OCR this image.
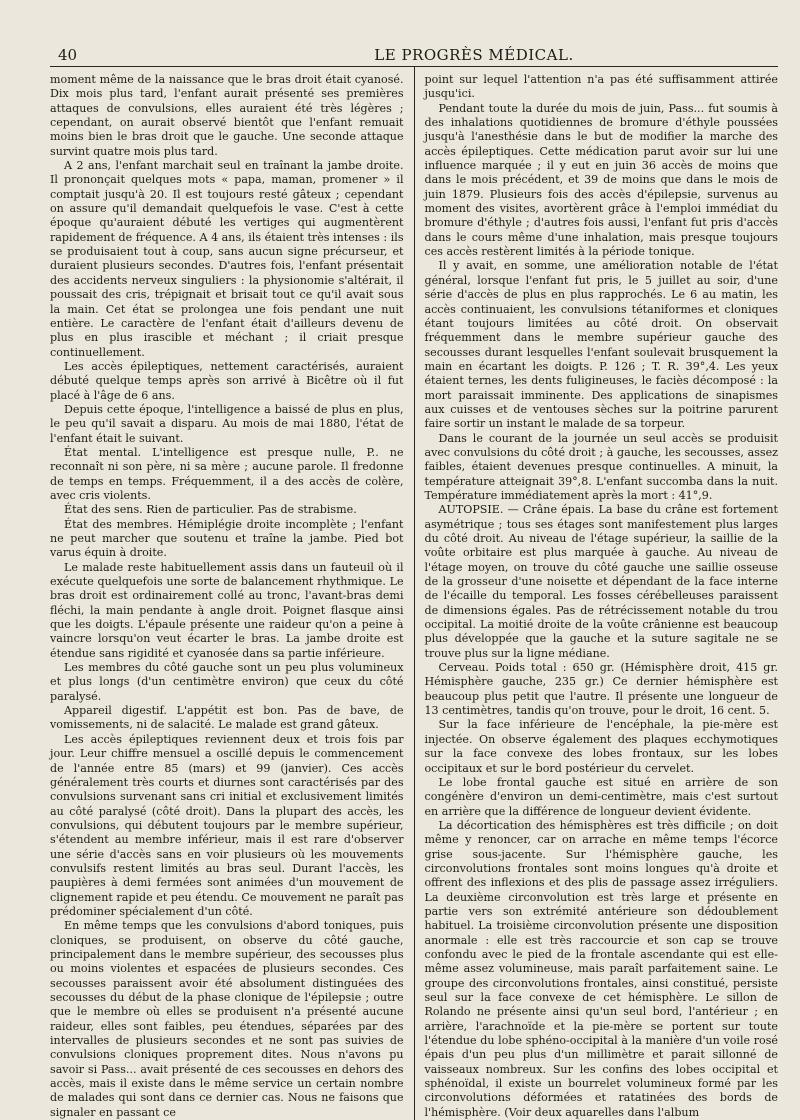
40	LE PROGRÈS MÉDICAL.

moment même de la naissance que le bras droit était cyanosé. Dix mois plus tard, l'enfant aurait présenté ses premières attaques de convulsions, elles auraient été très légères ; cependant, on aurait observé bientôt que l'enfant remuait moins bien le bras droit que le gauche. Une seconde attaque survint quatre mois plus tard.

A 2 ans, l'enfant marchait seul en traînant la jambe droite. Il prononçait quelques mots « papa, maman, promener » il comptait jusqu'à 20. Il est toujours resté gâteux ; cependant on assure qu'il demandait quelquefois le vase. C'est à cette époque qu'auraient débuté les vertiges qui augmentèrent rapidement de fréquence. A 4 ans, ils étaient très intenses : ils se produisaient tout à coup, sans aucun signe précurseur, et duraient plusieurs secondes. D'autres fois, l'enfant présentait des accidents nerveux singuliers : la physionomie s'altérait, il poussait des cris, trépignait et brisait tout ce qu'il avait sous la main. Cet état se prolongea une fois pendant une nuit entière. Le caractère de l'enfant était d'ailleurs devenu de plus en plus irascible et méchant ; il criait presque continuellement.

Les accès épileptiques, nettement caractérisés, auraient débuté quelque temps après son arrivé à Bicêtre où il fut placé à l'âge de 6 ans.

Depuis cette époque, l'intelligence a baissé de plus en plus, le peu qu'il savait a disparu. Au mois de mai 1880, l'état de l'enfant était le suivant.

État mental. L'intelligence est presque nulle, P.. ne reconnaît ni son père, ni sa mère ; aucune parole. Il fredonne de temps en temps. Fréquemment, il a des accès de colère, avec cris violents.

État des sens. Rien de particulier. Pas de strabisme.

État des membres. Hémiplégie droite incomplète ; l'enfant ne peut marcher que soutenu et traîne la jambe. Pied bot varus équin à droite.

Le malade reste habituellement assis dans un fauteuil où il exécute quelquefois une sorte de balancement rhythmique. Le bras droit est ordinairement collé au tronc, l'avant-bras demi fléchi, la main pendante à angle droit. Poignet flasque ainsi que les doigts. L'épaule présente une raideur qu'on a peine à vaincre lorsqu'on veut écarter le bras. La jambe droite est étendue sans rigidité et cyanosée dans sa partie inférieure.

Les membres du côté gauche sont un peu plus volumineux et plus longs (d'un centimètre environ) que ceux du côté paralysé.

Appareil digestif. L'appétit est bon. Pas de bave, de vomissements, ni de salacité. Le malade est grand gâteux.

Les accès épileptiques reviennent deux et trois fois par jour. Leur chiffre mensuel a oscillé depuis le commencement de l'année entre 85 (mars) et 99 (janvier). Ces accès généralement très courts et diurnes sont caractérisés par des convulsions survenant sans cri initial et exclusivement limités au côté paralysé (côté droit). Dans la plupart des accès, les convulsions, qui débutent toujours par le membre supérieur, s'étendent au membre inférieur, mais il est rare d'observer une série d'accès sans en voir plusieurs où les mouvements convulsifs restent limités au bras seul. Durant l'accès, les paupières à demi fermées sont animées d'un mouvement de clignement rapide et peu étendu. Ce mouvement ne paraît pas prédominer spécialement d'un côté.

En même temps que les convulsions d'abord toniques, puis cloniques, se produisent, on observe du côté gauche, principalement dans le membre supérieur, des secousses plus ou moins violentes et espacées de plusieurs secondes. Ces secousses paraissent avoir été absolument distinguées des secousses du début de la phase clonique de l'épilepsie ; outre que le membre où elles se produisent n'a présenté aucune raideur, elles sont faibles, peu étendues, séparées par des intervalles de plusieurs secondes et ne sont pas suivies de convulsions cloniques proprement dites. Nous n'avons pu savoir si Pass... avait présenté de ces secousses en dehors des accès, mais il existe dans le même service un certain nombre de malades qui sont dans ce dernier cas. Nous ne faisons que signaler en passant ce

point sur lequel l'attention n'a pas été suffisamment attirée jusqu'ici.

Pendant toute la durée du mois de juin, Pass... fut soumis à des inhalations quotidiennes de bromure d'éthyle poussées jusqu'à l'anesthésie dans le but de modifier la marche des accès épileptiques. Cette médication parut avoir sur lui une influence marquée ; il y eut en juin 36 accès de moins que dans le mois précédent, et 39 de moins que dans le mois de juin 1879. Plusieurs fois des accès d'épilepsie, survenus au moment des visites, avortèrent grâce à l'emploi immédiat du bromure d'éthyle ; d'autres fois aussi, l'enfant fut pris d'accès dans le cours même d'une inhalation, mais presque toujours ces accès restèrent limités à la période tonique.

Il y avait, en somme, une amélioration notable de l'état général, lorsque l'enfant fut pris, le 5 juillet au soir, d'une série d'accès de plus en plus rapprochés. Le 6 au matin, les accès continuaient, les convulsions tétaniformes et cloniques étant toujours limitées au côté droit. On observait fréquemment dans le membre supérieur gauche des secousses durant lesquelles l'enfant soulevait brusquement la main en écartant les doigts. P. 126 ; T. R. 39°,4. Les yeux étaient ternes, les dents fuligineuses, le faciès décomposé : la mort paraissait imminente. Des applications de sinapismes aux cuisses et de ventouses sèches sur la poitrine parurent faire sortir un instant le malade de sa torpeur.

Dans le courant de la journée un seul accès se produisit avec convulsions du côté droit ; à gauche, les secousses, assez faibles, étaient devenues presque continuelles. A minuit, la température atteignait 39°,8. L'enfant succomba dans la nuit. Température immédiatement après la mort : 41°,9.

AUTOPSIE. — Crâne épais. La base du crâne est fortement asymétrique ; tous ses étages sont manifestement plus larges du côté droit. Au niveau de l'étage supérieur, la saillie de la voûte orbitaire est plus marquée à gauche. Au niveau de l'étage moyen, on trouve du côté gauche une saillie osseuse de la grosseur d'une noisette et dépendant de la face interne de l'écaille du temporal. Les fosses cérébelleuses paraissent de dimensions égales. Pas de rétrécissement notable du trou occipital. La moitié droite de la voûte crânienne est beaucoup plus développée que la gauche et la suture sagitale ne se trouve plus sur la ligne médiane.

Cerveau. Poids total : 650 gr. (Hémisphère droit, 415 gr. Hémisphère gauche, 235 gr.) Ce dernier hémisphère est beaucoup plus petit que l'autre. Il présente une longueur de 13 centimètres, tandis qu'on trouve, pour le droit, 16 cent. 5.

Sur la face inférieure de l'encéphale, la pie-mère est injectée. On observe également des plaques ecchymotiques sur la face convexe des lobes frontaux, sur les lobes occipitaux et sur le bord postérieur du cervelet.

Le lobe frontal gauche est situé en arrière de son congénère d'environ un demi-centimètre, mais c'est surtout en arrière que la différence de longueur devient évidente.

La décortication des hémisphères est très difficile ; on doit même y renoncer, car on arrache en même temps l'écorce grise sous-jacente. Sur l'hémisphère gauche, les circonvolutions frontales sont moins longues qu'à droite et offrent des inflexions et des plis de passage assez irréguliers. La deuxième circonvolution est très large et présente en partie vers son extrémité antérieure son dédoublement habituel. La troisième circonvolution présente une disposition anormale : elle est très raccourcie et son cap se trouve confondu avec le pied de la frontale ascendante qui est elle-même assez volumineuse, mais paraît parfaitement saine. Le groupe des circonvolutions frontales, ainsi constitué, persiste seul sur la face convexe de cet hémisphère. Le sillon de Rolando ne présente ainsi qu'un seul bord, l'antérieur ; en arrière, l'arachnoïde et la pie-mère se portent sur toute l'étendue du lobe sphéno-occipital à la manière d'un voile rosé épais d'un peu plus d'un millimètre et parait sillonné de vaisseaux nombreux. Sur les confins des lobes occipital et sphénoïdal, il existe un bourrelet volumineux formé par les circonvolutions déformées et ratatinées des bords de l'hémisphère. (Voir deux aquarelles dans l'album
